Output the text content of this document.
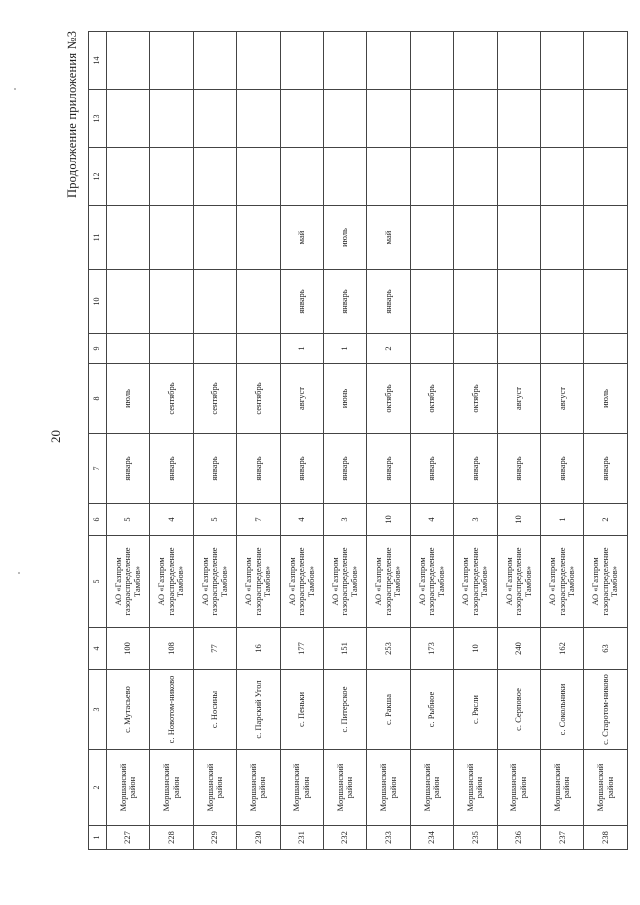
20
Продолжение приложения №3
1	2	3	4	5	6	7	8	9	10	11	12	13	14
227	Моршанский район	с. Мутасьево	100	АО «Газпром газораспределение Тамбов»	5	январь	июль						
228	Моршанский район	с. Новотом-никово	108	АО «Газпром газораспределение Тамбов»	4	январь	сентябрь						
229	Моршанский район	с. Носины	77	АО «Газпром газораспределение Тамбов»	5	январь	сентябрь						
230	Моршанский район	с. Парский Угол	16	АО «Газпром газораспределение Тамбов»	7	январь	сентябрь						
231	Моршанский район	с. Пеньки	177	АО «Газпром газораспределение Тамбов»	4	январь	август	1	январь	май			
232	Моршанский район	с. Питерское	151	АО «Газпром газораспределение Тамбов»	3	январь	июнь	1	январь	июль			
233	Моршанский район	с. Ракша	253	АО «Газпром газораспределение Тамбов»	10	январь	октябрь	2	январь	май			
234	Моршанский район	с. Рыбное	173	АО «Газпром газораспределение Тамбов»	4	январь	октябрь						
235	Моршанский район	с. Рясли	10	АО «Газпром газораспределение Тамбов»	3	январь	октябрь						
236	Моршанский район	с. Серповое	240	АО «Газпром газораспределение Тамбов»	10	январь	август						
237	Моршанский район	с. Сокольники	162	АО «Газпром газораспределение Тамбов»	1	январь	август						
238	Моршанский район	с. Старотом-никово	63	АО «Газпром газораспределение Тамбов»	2	январь	июль						
